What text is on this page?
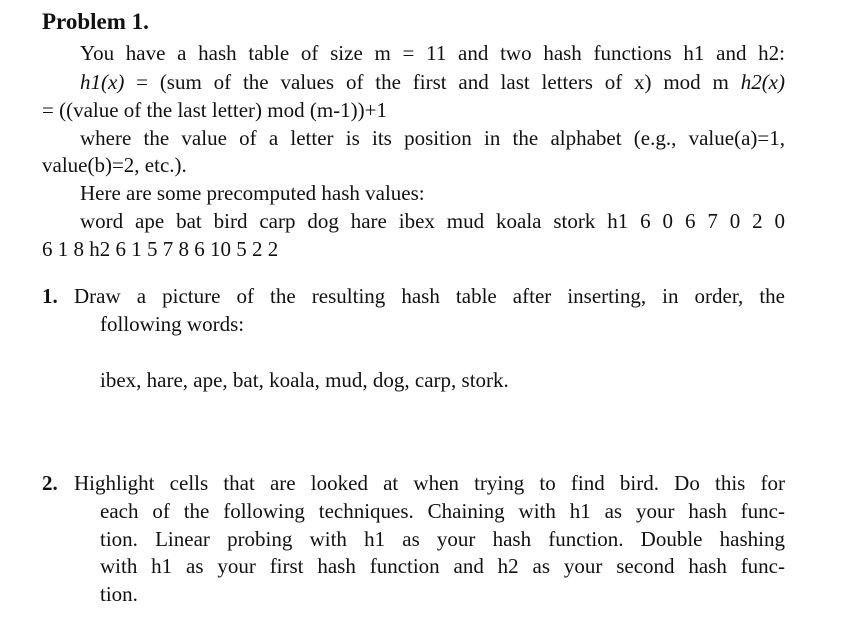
Problem 1.
You have a hash table of size m = 11 and two hash functions h1 and h2:
h1(x) = (sum of the values of the first and last letters of x) mod m h2(x)
= ((value of the last letter) mod (m-1))+1
where the value of a letter is its position in the alphabet (e.g., value(a)=1,
value(b)=2, etc.).
Here are some precomputed hash values:
word ape bat bird carp dog hare ibex mud koala stork h1 6 0 6 7 0 2 0
6 1 8 h2 6 1 5 7 8 6 10 5 2 2
1. Draw a picture of the resulting hash table after inserting, in order, the
following words:
ibex, hare, ape, bat, koala, mud, dog, carp, stork.
2. Highlight cells that are looked at when trying to find bird. Do this for
each of the following techniques. Chaining with h1 as your hash func-
tion. Linear probing with h1 as your hash function. Double hashing
with h1 as your first hash function and h2 as your second hash func-
tion.
